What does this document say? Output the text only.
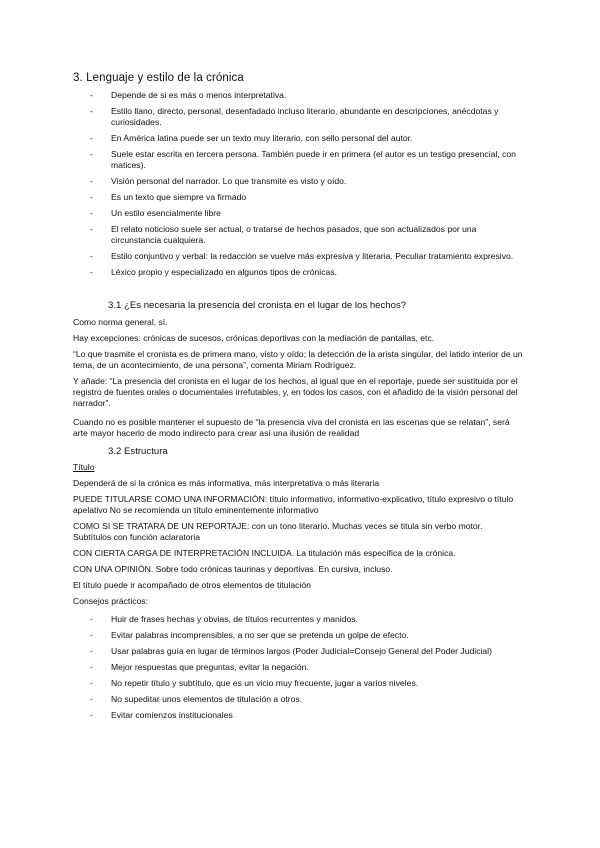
3. Lenguaje y estilo de la crónica
- Depende de si es más o menos interpretativa.
- Estilo llano, directo, personal, desenfadado incluso literario, abundante en descripciones, anécdotas y curiosidades.
- En América latina puede ser un texto muy literario, con sello personal del autor.
- Suele estar escrita en tercera persona. También puede ir en primera (el autor es un testigo presencial, con matices).
- Visión personal del narrador. Lo que transmite es visto y oído.
- Es un texto que siempre va firmado
- Un estilo esencialmente libre
- El relato noticioso suele ser actual, o tratarse de hechos pasados, que son actualizados por una circunstancia cualquiera.
- Estilo conjuntivo y verbal: la redacción se vuelve más expresiva y literaria. Peculiar tratamiento expresivo.
- Léxico propio y especializado en algunos tipos de crónicas.
3.1 ¿Es necesaria la presencia del cronista en el lugar de los hechos?

Como norma general, sí.

Hay excepciones: crónicas de sucesos, crónicas deportivas con la mediación de pantallas, etc.

“Lo que trasmite el cronista es de primera mano, visto y oído; la detección de la arista singular, del latido interior de un tema, de un acontecimiento, de una persona”, comenta Miriam Rodríguez.

Y añade: “La presencia del cronista en el lugar de los hechos, al igual que en el reportaje, puede ser sustituida por el registro de fuentes orales o documentales irrefutables, y, en todos los casos, con el añadido de la visión personal del narrador”.

Cuando no es posible mantener el supuesto de “la presencia viva del cronista en las escenas que se relatan”, será arte mayor hacerlo de modo indirecto para crear así una ilusión de realidad

3.2 Estructura

Título

Dependerá de si la crónica es más informativa, más interpretativa o más literaria

PUEDE TITULARSE COMO UNA INFORMACIÓN: título informativo, informativo-explicativo, título expresivo o título apelativo No se recomienda un título eminentemente informativo

COMO SI SE TRATARA DE UN REPORTAJE: con un tono literario. Muchas veces se titula sin verbo motor. Subtítulos con función aclaratoria

CON CIERTA CARGA DE INTERPRETACIÓN INCLUIDA. La titulación más específica de la crónica.

CON UNA OPINIÓN. Sobre todo crónicas taurinas y deportivas. En cursiva, incluso.

El título puede ir acompañado de otros elementos de titulación

Consejos prácticos:

- Huir de frases hechas y obvias, de títulos recurrentes y manidos.
- Evitar palabras incomprensibles, a no ser que se pretenda un golpe de efecto.
- Usar palabras guía en lugar de términos largos (Poder Judicial=Consejo General del Poder Judicial)
- Mejor respuestas que preguntas, evitar la negación.
- No repetir título y subtítulo, que es un vicio muy frecuente, jugar a varios niveles.
- No supeditar unos elementos de titulación a otros.
- Evitar comienzos institucionales
